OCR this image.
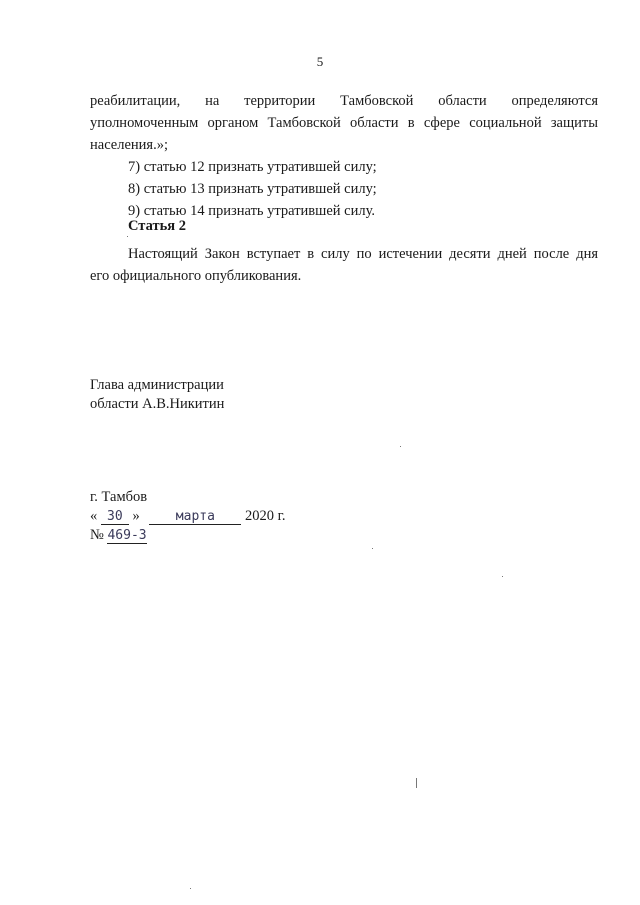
5

реабилитации, на территории Тамбовской области определяются

уполномоченным органом Тамбовской области в сфере социальной защиты

населения.»;

7) статью 12 признать утратившей силу;

8) статью 13 признать утратившей силу;

9) статью 14 признать утратившей силу.

Статья 2

Настоящий Закон вступает в силу по истечении десяти дней после дня

его официального опубликования.

Глава администрации
области А.В.Никитин
г. Тамбов
« 30 »	марта 2020 г.
№ 469-З
